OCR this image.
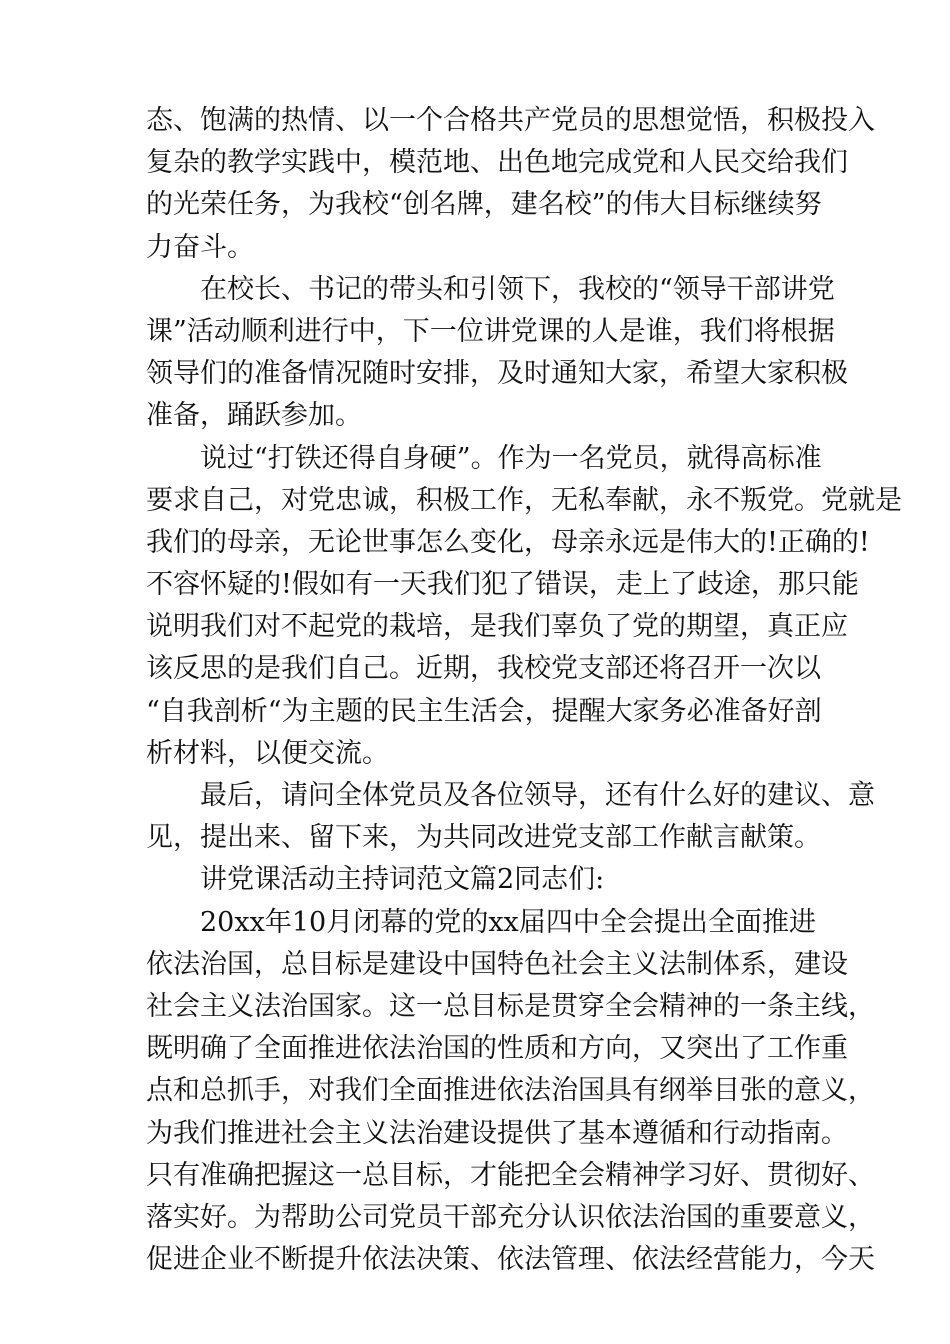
态、饱满的热情、以一个合格共产党员的思想觉悟，积极投入
复杂的教学实践中，模范地、出色地完成党和人民交给我们
的光荣任务，为我校“创名牌，建名校”的伟大目标继续努
力奋斗。
在校长、书记的带头和引领下，我校的“领导干部讲党
课”活动顺利进行中，下一位讲党课的人是谁，我们将根据
领导们的准备情况随时安排，及时通知大家，希望大家积极
准备，踊跃参加。
说过“打铁还得自身硬”。作为一名党员，就得高标准
要求自己，对党忠诚，积极工作，无私奉献，永不叛党。党就是
我们的母亲，无论世事怎么变化，母亲永远是伟大的!正确的!
不容怀疑的!假如有一天我们犯了错误，走上了歧途，那只能
说明我们对不起党的栽培，是我们辜负了党的期望，真正应
该反思的是我们自己。近期，我校党支部还将召开一次以
“自我剖析“为主题的民主生活会，提醒大家务必准备好剖
析材料，以便交流。
最后，请问全体党员及各位领导，还有什么好的建议、意
见，提出来、留下来，为共同改进党支部工作献言献策。
讲党课活动主持词范文篇2同志们:
20xx年10月闭幕的党的xx届四中全会提出全面推进
依法治国，总目标是建设中国特色社会主义法制体系，建设
社会主义法治国家。这一总目标是贯穿全会精神的一条主线，
既明确了全面推进依法治国的性质和方向，又突出了工作重
点和总抓手，对我们全面推进依法治国具有纲举目张的意义，
为我们推进社会主义法治建设提供了基本遵循和行动指南。
只有准确把握这一总目标，才能把全会精神学习好、贯彻好、
落实好。为帮助公司党员干部充分认识依法治国的重要意义，
促进企业不断提升依法决策、依法管理、依法经营能力，今天
